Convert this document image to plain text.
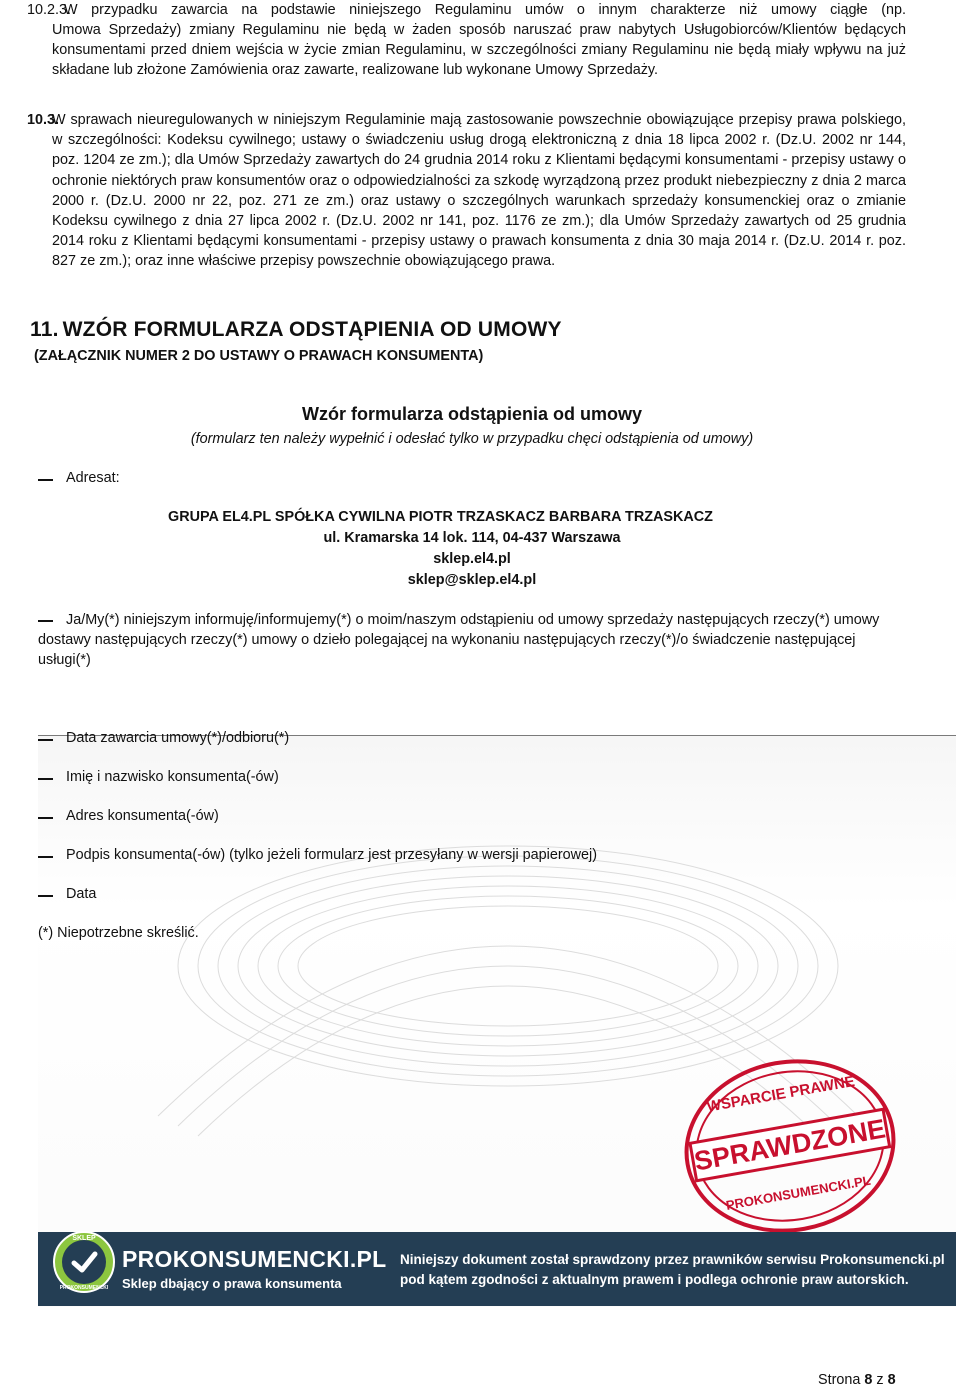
10.2.3.

W przypadku zawarcia na podstawie niniejszego Regulaminu umów o innym charakterze niż umowy ciągłe (np.

Umowa Sprzedaży) zmiany Regulaminu nie będą w żaden sposób naruszać praw nabytych Usługobiorców/Klientów będących konsumentami przed dniem wejścia w życie zmian Regulaminu, w szczególności zmiany Regulaminu nie będą miały wpływu na już składane lub złożone Zamówienia oraz zawarte, realizowane lub wykonane Umowy Sprzedaży.

10.3.

W sprawach nieuregulowanych w niniejszym Regulaminie mają zastosowanie powszechnie obowiązujące przepisy prawa polskiego, w szczególności: Kodeksu cywilnego; ustawy o świadczeniu usług drogą elektroniczną z dnia 18 lipca 2002 r. (Dz.U. 2002 nr 144, poz. 1204 ze zm.); dla Umów Sprzedaży zawartych do 24 grudnia 2014 roku z Klientami będącymi konsumentami - przepisy ustawy o ochronie niektórych praw konsumentów oraz o odpowiedzialności za szkodę wyrządzoną przez produkt niebezpieczny z dnia 2 marca 2000 r. (Dz.U. 2000 nr 22, poz. 271 ze zm.) oraz ustawy o szczególnych warunkach sprzedaży konsumenckiej oraz o zmianie Kodeksu cywilnego z dnia 27 lipca 2002 r. (Dz.U. 2002 nr 141, poz. 1176 ze zm.); dla Umów Sprzedaży zawartych od 25 grudnia 2014 roku z Klientami będącymi konsumentami - przepisy ustawy o prawach konsumenta z dnia 30 maja 2014 r. (Dz.U. 2014 r. poz. 827 ze zm.); oraz inne właściwe przepisy powszechnie obowiązującego prawa.

11. WZÓR FORMULARZA ODSTĄPIENIA OD UMOWY
(ZAŁĄCZNIK NUMER 2 DO USTAWY O PRAWACH KONSUMENTA)
SPRAWDZONE
WSPARCIE PRAWNE
PROKONSUMENCKI.PL
Wzór formularza odstąpienia od umowy
(formularz ten należy wypełnić i odesłać tylko w przypadku chęci odstąpienia od umowy)
Adresat:
GRUPA EL4.PL SPÓŁKA CYWILNA PIOTR TRZASKACZ BARBARA TRZASKACZ
ul. Kramarska 14 lok. 114, 04-437 Warszawa
sklep.el4.pl
sklep@sklep.el4.pl

Ja/My(*) niniejszym informuję/informujemy(*) o moim/naszym odstąpieniu od umowy sprzedaży następujących rzeczy(*) umowy dostawy następujących rzeczy(*) umowy o dzieło polegającej na wykonaniu następujących rzeczy(*)/o świadczenie następującej usługi(*)

Data zawarcia umowy(*)/odbioru(*)
Imię i nazwisko konsumenta(-ów)
Adres konsumenta(-ów)
Podpis konsumenta(-ów) (tylko jeżeli formularz jest przesyłany w wersji papierowej)
Data
(*) Niepotrzebne skreślić.
SKLEP
PROKONSUMENCKI
PROKONSUMENCKI.PL
Sklep dbający o prawa konsumenta
Niniejszy dokument został sprawdzony przez prawników serwisu Prokonsumencki.pl
pod kątem zgodności z aktualnym prawem i podlega ochronie praw autorskich.
Strona 8 z 8
